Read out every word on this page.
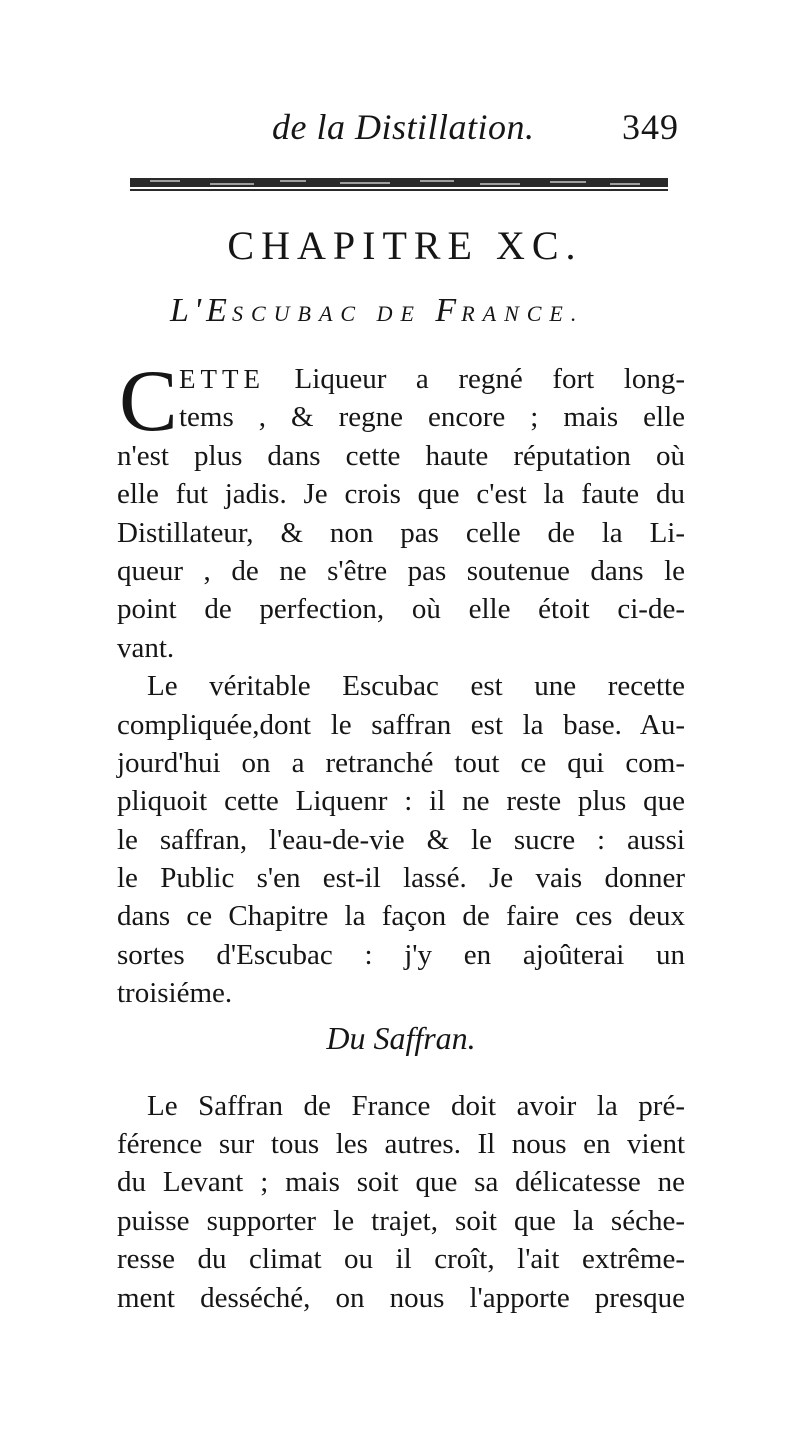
de la Distillation. 349
CHAPITRE XC.
L'ESCUBAC DE FRANCE.
C ETTE Liqueur a regné fort long-
tems , & regne encore ; mais elle
n'est plus dans cette haute réputation où
elle fut jadis. Je crois que c'est la faute du
Distillateur, & non pas celle de la Li-
queur , de ne s'être pas soutenue dans le
point de perfection, où elle étoit ci-de-
vant.
Le véritable Escubac est une recette
compliquée,dont le saffran est la base. Au-
jourd'hui on a retranché tout ce qui com-
pliquoit cette Liquenr : il ne reste plus que
le saffran, l'eau-de-vie & le sucre : aussi
le Public s'en est-il lassé. Je vais donner
dans ce Chapitre la façon de faire ces deux
sortes d'Escubac : j'y en ajoûterai un
troisiéme.
Du Saffran.
Le Saffran de France doit avoir la pré-
férence sur tous les autres. Il nous en vient
du Levant ; mais soit que sa délicatesse ne
puisse supporter le trajet, soit que la séche-
resse du climat ou il croît, l'ait extrême-
ment desséché, on nous l'apporte presque
